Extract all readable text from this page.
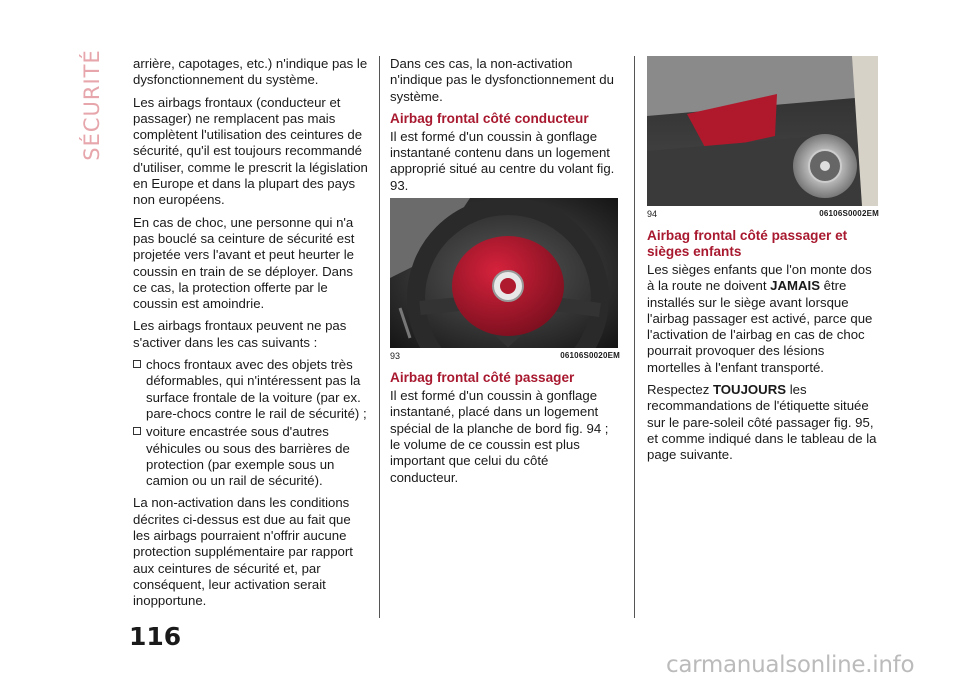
SÉCURITÉ arrière, capotages, etc.) n'indique pas le dysfonctionnement du système.

Les airbags frontaux (conducteur et passager) ne remplacent pas mais complètent l'utilisation des ceintures de sécurité, qu'il est toujours recommandé d'utiliser, comme le prescrit la législation en Europe et dans la plupart des pays non européens.

En cas de choc, une personne qui n'a pas bouclé sa ceinture de sécurité est projetée vers l'avant et peut heurter le coussin en train de se déployer. Dans ce cas, la protection offerte par le coussin est amoindrie.

Les airbags frontaux peuvent ne pas s'activer dans les cas suivants :

chocs frontaux avec des objets très déformables, qui n'intéressent pas la surface frontale de la voiture (par ex. pare-chocs contre le rail de sécurité) ;
voiture encastrée sous d'autres véhicules ou sous des barrières de protection (par exemple sous un camion ou un rail de sécurité).

La non-activation dans les conditions décrites ci-dessus est due au fait que les airbags pourraient n'offrir aucune protection supplémentaire par rapport aux ceintures de sécurité et, par conséquent, leur activation serait inopportune.

Dans ces cas, la non-activation n'indique pas le dysfonctionnement du système.

Airbag frontal côté conducteur

Il est formé d'un coussin à gonflage instantané contenu dans un logement approprié situé au centre du volant fig. 93.

93	06106S0020EM
Airbag frontal côté passager

Il est formé d'un coussin à gonflage instantané, placé dans un logement spécial de la planche de bord fig. 94 ; le volume de ce coussin est plus important que celui du côté conducteur.

94	06106S0002EM
Airbag frontal côté passager et sièges enfants

Les sièges enfants que l'on monte dos à la route ne doivent JAMAIS être installés sur le siège avant lorsque l'airbag passager est activé, parce que l'activation de l'airbag en cas de choc pourrait provoquer des lésions mortelles à l'enfant transporté.

Respectez TOUJOURS les recommandations de l'étiquette située sur le pare-soleil côté passager fig. 95, et comme indiqué dans le tableau de la page suivante.

116
carmanualsonline.info
